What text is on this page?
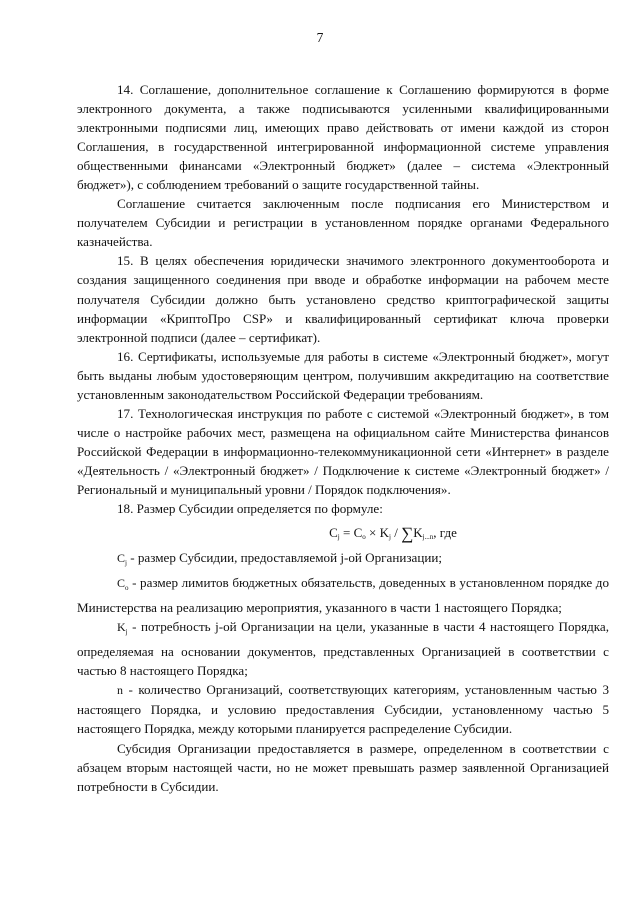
7

14. Соглашение, дополнительное соглашение к Соглашению формируются в форме электронного документа, а также подписываются усиленными квалифицированными электронными подписями лиц, имеющих право действовать от имени каждой из сторон Соглашения, в государственной интегрированной информационной системе управления общественными финансами «Электронный бюджет» (далее – система «Электронный бюджет»), с соблюдением требований о защите государственной тайны.

Соглашение считается заключенным после подписания его Министерством и получателем Субсидии и регистрации в установленном порядке органами Федерального казначейства.

15. В целях обеспечения юридически значимого электронного документооборота и создания защищенного соединения при вводе и обработке информации на рабочем месте получателя Субсидии должно быть установлено средство криптографической защиты информации «КриптоПро CSP» и квалифицированный сертификат ключа проверки электронной подписи (далее – сертификат).

16. Сертификаты, используемые для работы в системе «Электронный бюджет», могут быть выданы любым удостоверяющим центром, получившим аккредитацию на соответствие установленным законодательством Российской Федерации требованиям.

17. Технологическая инструкция по работе с системой «Электронный бюджет», в том числе о настройке рабочих мест, размещена на официальном сайте Министерства финансов Российской Федерации в информационно-телекоммуникационной сети «Интернет» в разделе «Деятельность / «Электронный бюджет» / Подключение к системе «Электронный бюджет» / Региональный и муниципальный уровни / Порядок подключения».

18. Размер Субсидии определяется по формуле:

$C_j = C_o \times K_j / \sum K_{j...n}$, где

$C_j$ - размер Субсидии, предоставляемой j-ой Организации;

$C_o$ - размер лимитов бюджетных обязательств, доведенных в установленном порядке до Министерства на реализацию мероприятия, указанного в части 1 настоящего Порядка;

$K_j$ - потребность j-ой Организации на цели, указанные в части 4 настоящего Порядка, определяемая на основании документов, представленных Организацией в соответствии с частью 8 настоящего Порядка;

n - количество Организаций, соответствующих категориям, установленным частью 3 настоящего Порядка, и условию предоставления Субсидии, установленному частью 5 настоящего Порядка, между которыми планируется распределение Субсидии.

Субсидия Организации предоставляется в размере, определенном в соответствии с абзацем вторым настоящей части, но не может превышать размер заявленной Организацией потребности в Субсидии.
